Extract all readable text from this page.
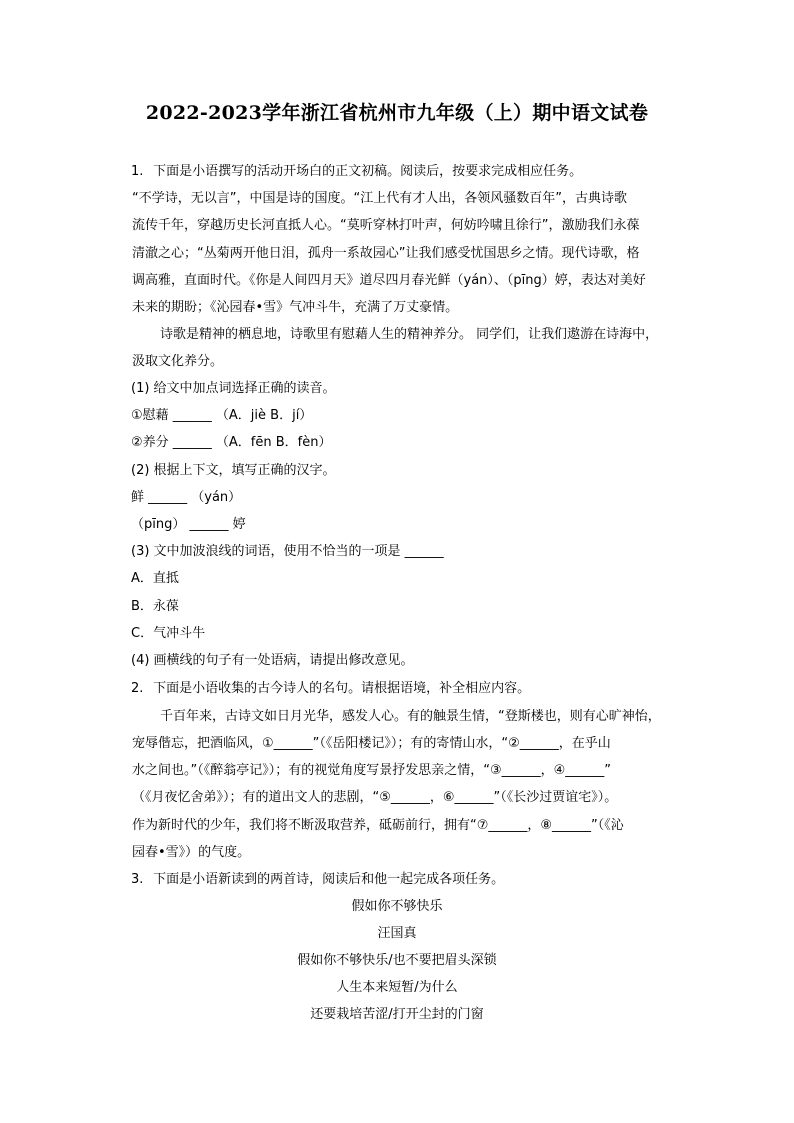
2022-2023学年浙江省杭州市九年级（上）期中语文试卷
1. 下面是小语撰写的活动开场白的正文初稿。阅读后，按要求完成相应任务。
“不学诗，无以言”，中国是诗的国度。“江上代有才人出，各领风骚数百年”，古典诗歌
流传千年，穿越历史长河直抵人心。“莫听穿林打叶声，何妨吟啸且徐行”，激励我们永葆
清澈之心；“丛菊两开他日泪，孤舟一系故园心”让我们感受忧国思乡之情。现代诗歌，格
调高雅，直面时代。《你是人间四月天》道尽四月春光鲜（yán）、（pīng）婷，表达对美好
未来的期盼；《沁园春•雪》气冲斗牛，充满了万丈豪情。
诗歌是精神的栖息地，诗歌里有慰藉人生的精神养分。 同学们，让我们遨游在诗海中，
汲取文化养分。
(1) 给文中加点词选择正确的读音。
①慰藉 ______ （A．jiè B．jí）
②养分 ______ （A．fēn B．fèn）
(2) 根据上下文，填写正确的汉字。
鲜 ______ （yán）
（pīng） ______ 婷
(3) 文中加波浪线的词语，使用不恰当的一项是 ______
A．直抵
B．永葆
C．气冲斗牛
(4) 画横线的句子有一处语病，请提出修改意见。
2. 下面是小语收集的古今诗人的名句。请根据语境，补全相应内容。
千百年来，古诗文如日月光华，感发人心。有的触景生情，“登斯楼也，则有心旷神怡，
宠辱偕忘，把酒临风，①______”（《岳阳楼记》）；有的寄情山水，“②______，在乎山
水之间也。”（《醉翁亭记》）；有的视觉角度写景抒发思亲之情，“③______，④______”
（《月夜忆舍弟》）；有的道出文人的悲剧，“⑤______，⑥______”（《长沙过贾谊宅》）。
作为新时代的少年，我们将不断汲取营养，砥砺前行，拥有“⑦______，⑧______”（《沁
园春•雪》）的气度。
3. 下面是小语新读到的两首诗，阅读后和他一起完成各项任务。
假如你不够快乐
汪国真
假如你不够快乐/也不要把眉头深锁
人生本来短暂/为什么
还要栽培苦涩/打开尘封的门窗
